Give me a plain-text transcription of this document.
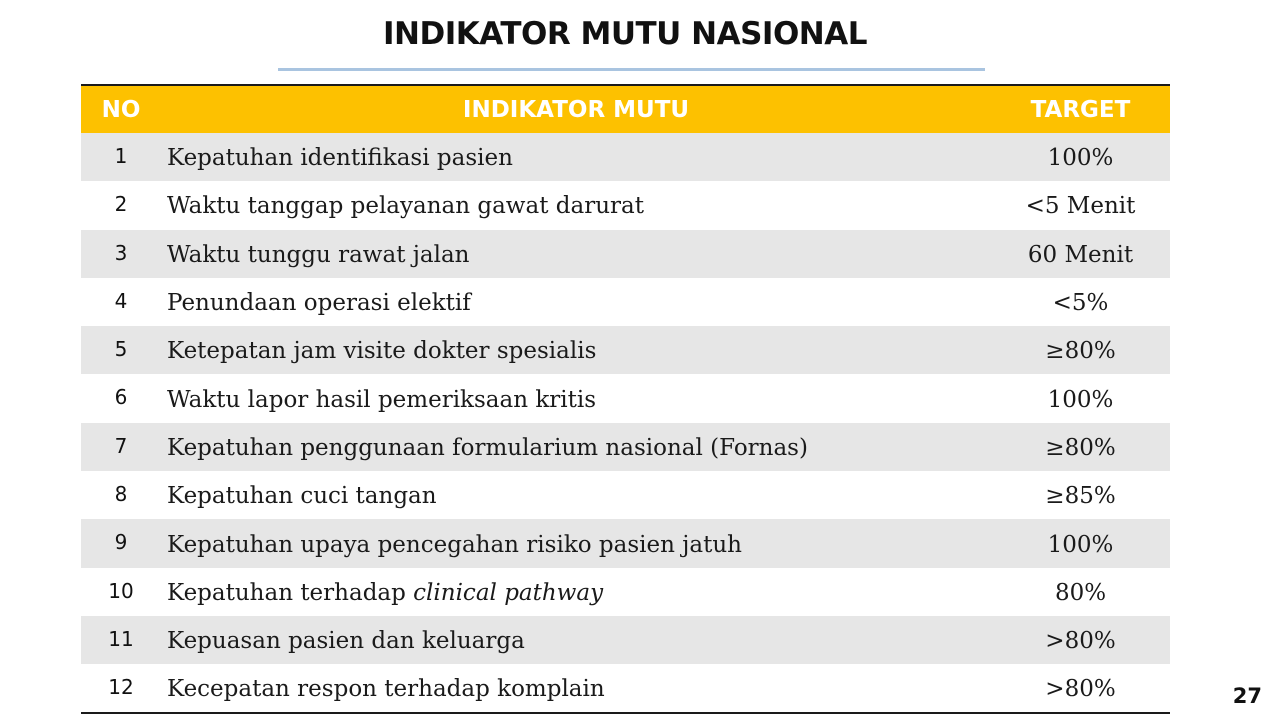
INDIKATOR MUTU NASIONAL
NO	INDIKATOR MUTU	TARGET
1	Kepatuhan identifikasi pasien	100%
2	Waktu tanggap pelayanan gawat darurat	<5 Menit
3	Waktu tunggu rawat jalan	60 Menit
4	Penundaan operasi elektif	<5%
5	Ketepatan jam visite dokter spesialis	≥80%
6	Waktu lapor hasil pemeriksaan kritis	100%
7	Kepatuhan penggunaan formularium nasional (Fornas)	≥80%
8	Kepatuhan cuci tangan	≥85%
9	Kepatuhan upaya pencegahan risiko pasien jatuh	100%
10	Kepatuhan terhadap clinical pathway	80%
11	Kepuasan pasien dan keluarga	>80%
12	Kecepatan respon terhadap komplain	>80%	27
